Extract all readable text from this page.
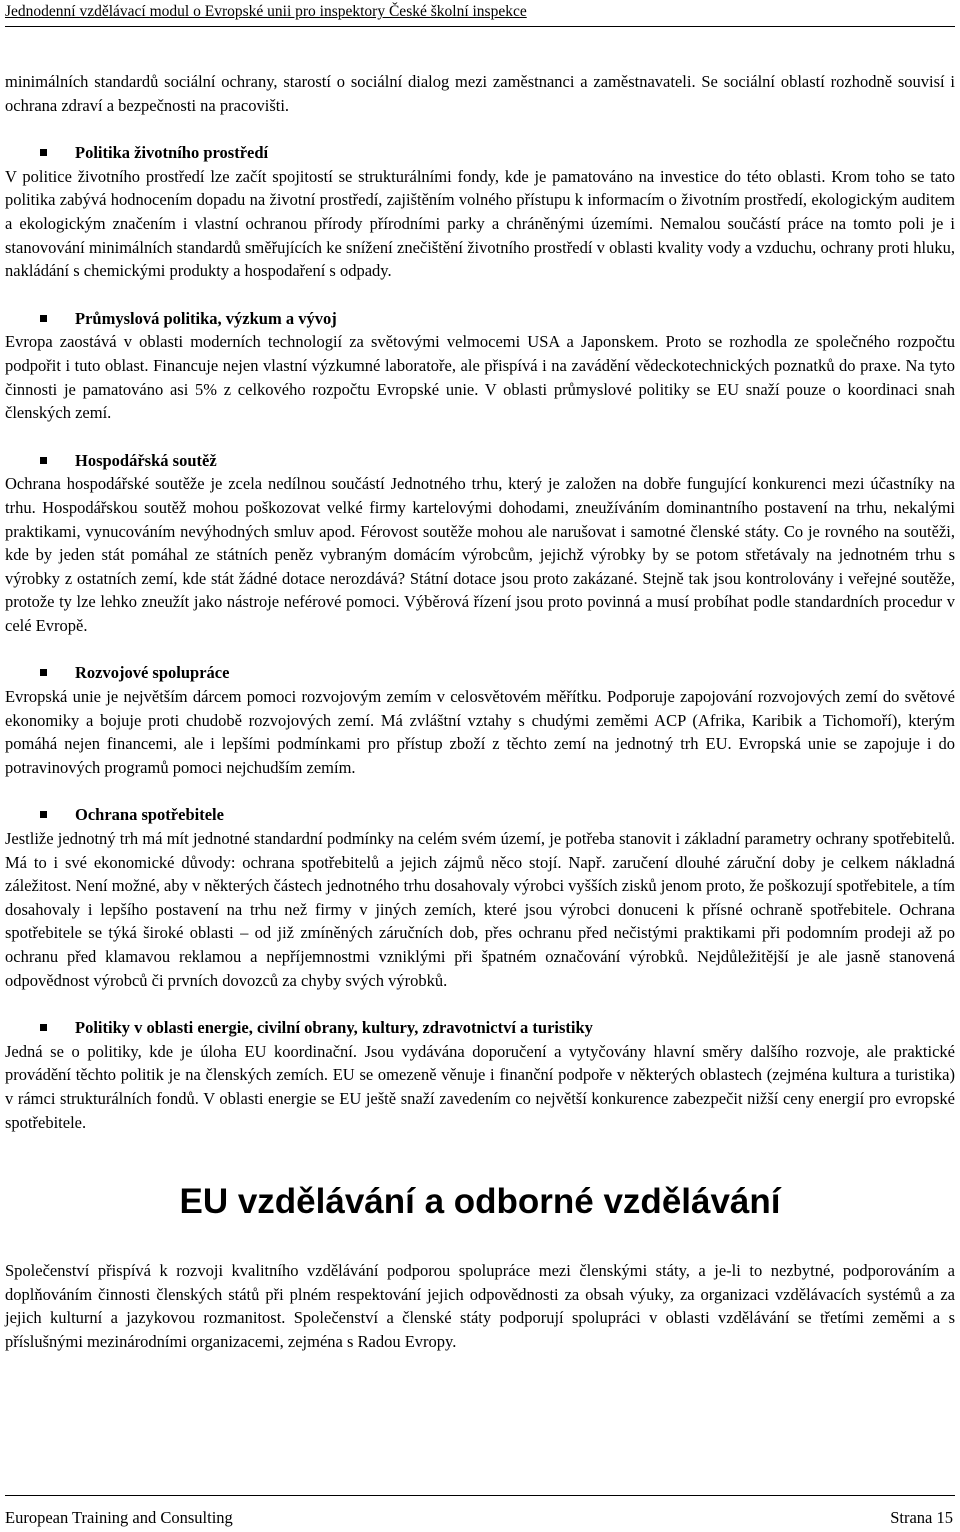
Jednodenní vzdělávací modul o Evropské unii pro inspektory České školní inspekce

minimálních standardů sociální ochrany, starostí o sociální dialog mezi zaměstnanci a zaměstnavateli. Se sociální oblastí rozhodně souvisí i ochrana zdraví a bezpečnosti na pracovišti.

Politika životního prostředí

V politice životního prostředí lze začít spojitostí se strukturálními fondy, kde je pamatováno na investice do této oblasti. Krom toho se tato politika zabývá hodnocením dopadu na životní prostředí, zajištěním volného přístupu k informacím o životním prostředí, ekologickým auditem a ekologickým značením i vlastní ochranou přírody přírodními parky a chráněnými územími. Nemalou součástí práce na tomto poli je i stanovování minimálních standardů směřujících ke snížení znečištění životního prostředí v oblasti kvality vody a vzduchu, ochrany proti hluku, nakládání s chemickými produkty a hospodaření s odpady.

Průmyslová politika, výzkum a vývoj

Evropa zaostává v oblasti moderních technologií za světovými velmocemi USA a Japonskem. Proto se rozhodla ze společného rozpočtu podpořit i tuto oblast. Financuje nejen vlastní výzkumné laboratoře, ale přispívá i na zavádění vědeckotechnických poznatků do praxe. Na tyto činnosti je pamatováno asi 5% z celkového rozpočtu Evropské unie. V oblasti průmyslové politiky se EU snaží pouze o koordinaci snah členských zemí.

Hospodářská soutěž

Ochrana hospodářské soutěže je zcela nedílnou součástí Jednotného trhu, který je založen na dobře fungující konkurenci mezi účastníky na trhu. Hospodářskou soutěž mohou poškozovat velké firmy kartelovými dohodami, zneužíváním dominantního postavení na trhu, nekalými praktikami, vynucováním nevýhodných smluv apod. Férovost soutěže mohou ale narušovat i samotné členské státy. Co je rovného na soutěži, kde by jeden stát pomáhal ze státních peněz vybraným domácím výrobcům, jejichž výrobky by se potom střetávaly na jednotném trhu s výrobky z ostatních zemí, kde stát žádné dotace nerozdává? Státní dotace jsou proto zakázané. Stejně tak jsou kontrolovány i veřejné soutěže, protože ty lze lehko zneužít jako nástroje neférové pomoci. Výběrová řízení jsou proto povinná a musí probíhat podle standardních procedur v celé Evropě.

Rozvojové spolupráce

Evropská unie je největším dárcem pomoci rozvojovým zemím v celosvětovém měřítku. Podporuje zapojování rozvojových zemí do světové ekonomiky a bojuje proti chudobě rozvojových zemí. Má zvláštní vztahy s chudými zeměmi ACP (Afrika, Karibik a Tichomoří), kterým pomáhá nejen financemi, ale i lepšími podmínkami pro přístup zboží z těchto zemí na jednotný trh EU. Evropská unie se zapojuje i do potravinových programů pomoci nejchudším zemím.

Ochrana spotřebitele

Jestliže jednotný trh má mít jednotné standardní podmínky na celém svém území, je potřeba stanovit i základní parametry ochrany spotřebitelů. Má to i své ekonomické důvody: ochrana spotřebitelů a jejich zájmů něco stojí. Např. zaručení dlouhé záruční doby je celkem nákladná záležitost. Není možné, aby v některých částech jednotného trhu dosahovaly výrobci vyšších zisků jenom proto, že poškozují spotřebitele, a tím dosahovaly i lepšího postavení na trhu než firmy v jiných zemích, které jsou výrobci donuceni k přísné ochraně spotřebitele. Ochrana spotřebitele se týká široké oblasti – od již zmíněných záručních dob, přes ochranu před nečistými praktikami při podomním prodeji až po ochranu před klamavou reklamou a nepříjemnostmi vzniklými při špatném označování výrobků. Nejdůležitější je ale jasně stanovená odpovědnost výrobců či prvních dovozců za chyby svých výrobků.

Politiky v oblasti energie, civilní obrany, kultury, zdravotnictví a turistiky

Jedná se o politiky, kde je úloha EU koordinační. Jsou vydávána doporučení a vytyčovány hlavní směry dalšího rozvoje, ale praktické provádění těchto politik je na členských zemích. EU se omezeně věnuje i finanční podpoře v některých oblastech (zejména kultura a turistika) v rámci strukturálních fondů. V oblasti energie se EU ještě snaží zavedením co největší konkurence zabezpečit nižší ceny energií pro evropské spotřebitele.

EU vzdělávání a odborné vzdělávání

Společenství přispívá k rozvoji kvalitního vzdělávání podporou spolupráce mezi členskými státy, a je-li to nezbytné, podporováním a doplňováním činnosti členských států při plném respektování jejich odpovědnosti za obsah výuky, za organizaci vzdělávacích systémů a za jejich kulturní a jazykovou rozmanitost. Společenství a členské státy podporují spolupráci v oblasti vzdělávání se třetími zeměmi a s příslušnými mezinárodními organizacemi, zejména s Radou Evropy.

European Training and Consulting	Strana 15
